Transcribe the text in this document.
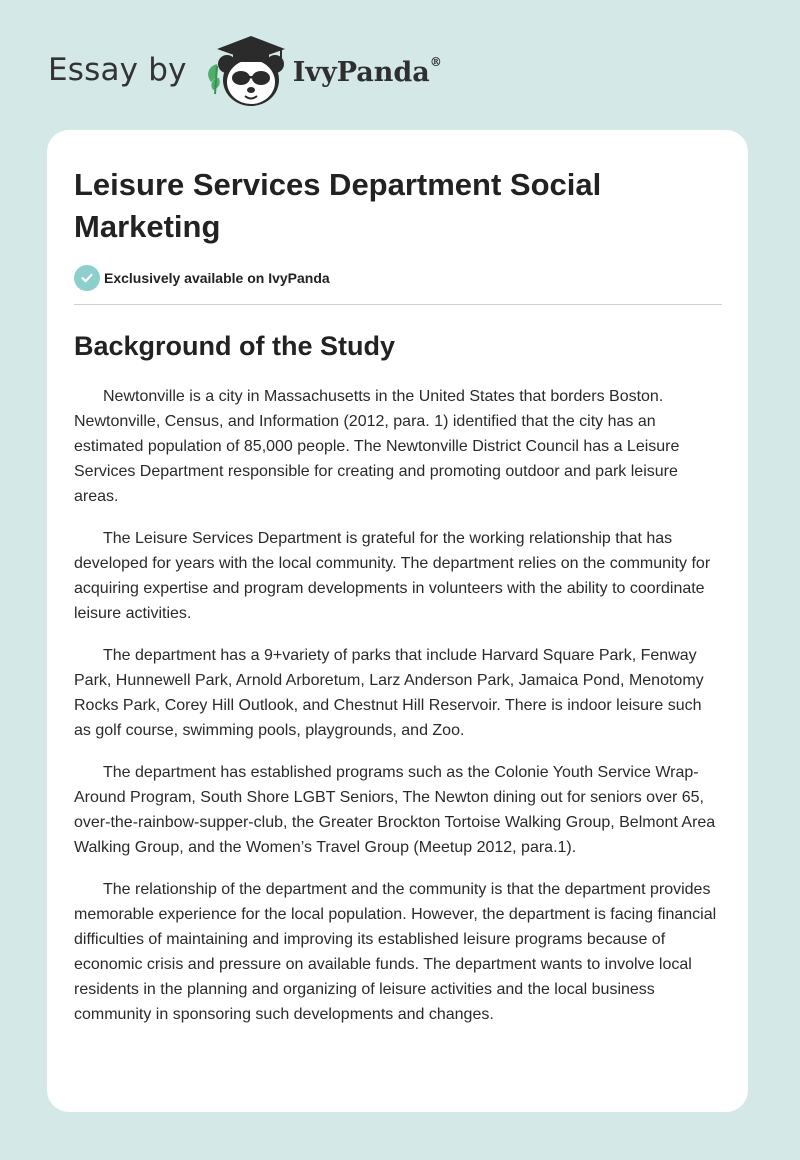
Essay by	IvyPanda®
Leisure Services Department Social Marketing
Exclusively available on IvyPanda
Background of the Study

Newtonville is a city in Massachusetts in the United States that borders Boston. Newtonville, Census, and Information (2012, para. 1) identified that the city has an estimated population of 85,000 people. The Newtonville District Council has a Leisure Services Department responsible for creating and promoting outdoor and park leisure areas.

The Leisure Services Department is grateful for the working relationship that has developed for years with the local community. The department relies on the community for acquiring expertise and program developments in volunteers with the ability to coordinate leisure activities.

The department has a 9+variety of parks that include Harvard Square Park, Fenway Park, Hunnewell Park, Arnold Arboretum, Larz Anderson Park, Jamaica Pond, Menotomy Rocks Park, Corey Hill Outlook, and Chestnut Hill Reservoir. There is indoor leisure such as golf course, swimming pools, playgrounds, and Zoo.

The department has established programs such as the Colonie Youth Service Wrap-Around Program, South Shore LGBT Seniors, The Newton dining out for seniors over 65, over-the-rainbow-supper-club, the Greater Brockton Tortoise Walking Group, Belmont Area Walking Group, and the Women’s Travel Group (Meetup 2012, para.1).

The relationship of the department and the community is that the department provides memorable experience for the local population. However, the department is facing financial difficulties of maintaining and improving its established leisure programs because of economic crisis and pressure on available funds. The department wants to involve local residents in the planning and organizing of leisure activities and the local business community in sponsoring such developments and changes.
